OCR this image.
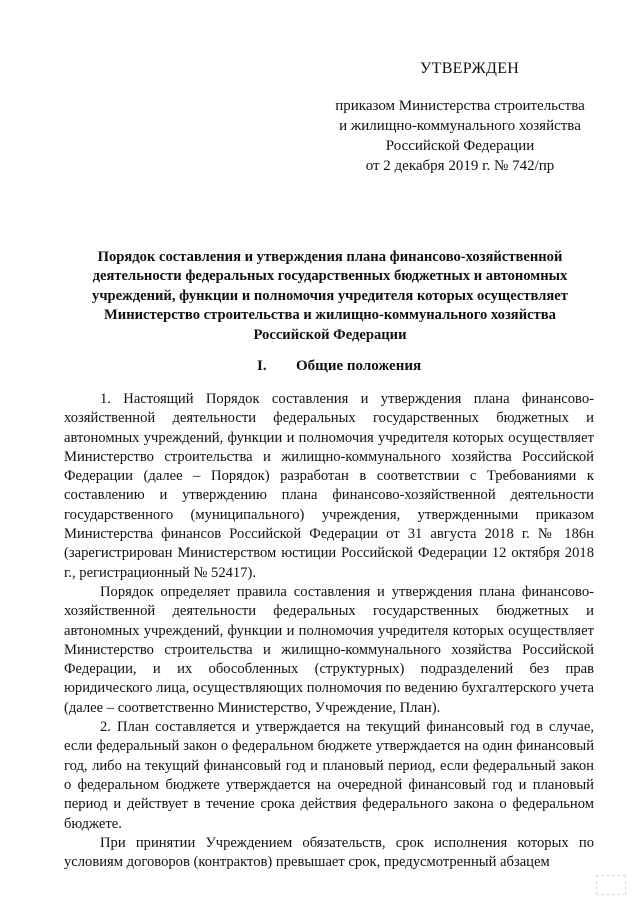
УТВЕРЖДЕН
приказом Министерства строительства
и жилищно-коммунального хозяйства
Российской Федерации
от 2 декабря 2019 г. № 742/пр
Порядок составления и утверждения плана финансово-хозяйственной
деятельности федеральных государственных бюджетных и автономных
учреждений, функции и полномочия учредителя которых осуществляет
Министерство строительства и жилищно-коммунального хозяйства
Российской Федерации
I. Общие положения

1. Настоящий Порядок составления и утверждения плана финансово-хозяйственной деятельности федеральных государственных бюджетных и автономных учреждений, функции и полномочия учредителя которых осуществляет Министерство строительства и жилищно-коммунального хозяйства Российской Федерации (далее – Порядок) разработан в соответствии с Требованиями к составлению и утверждению плана финансово-хозяйственной деятельности государственного (муниципального) учреждения, утвержденными приказом Министерства финансов Российской Федерации от 31 августа 2018 г. № 186н (зарегистрирован Министерством юстиции Российской Федерации 12 октября 2018 г., регистрационный № 52417).

Порядок определяет правила составления и утверждения плана финансово-хозяйственной деятельности федеральных государственных бюджетных и автономных учреждений, функции и полномочия учредителя которых осуществляет Министерство строительства и жилищно-коммунального хозяйства Российской Федерации, и их обособленных (структурных) подразделений без прав юридического лица, осуществляющих полномочия по ведению бухгалтерского учета (далее – соответственно Министерство, Учреждение, План).

2. План составляется и утверждается на текущий финансовый год в случае, если федеральный закон о федеральном бюджете утверждается на один финансовый год, либо на текущий финансовый год и плановый период, если федеральный закон о федеральном бюджете утверждается на очередной финансовый год и плановый период и действует в течение срока действия федерального закона о федеральном бюджете.

При принятии Учреждением обязательств, срок исполнения которых по условиям договоров (контрактов) превышает срок, предусмотренный абзацем
